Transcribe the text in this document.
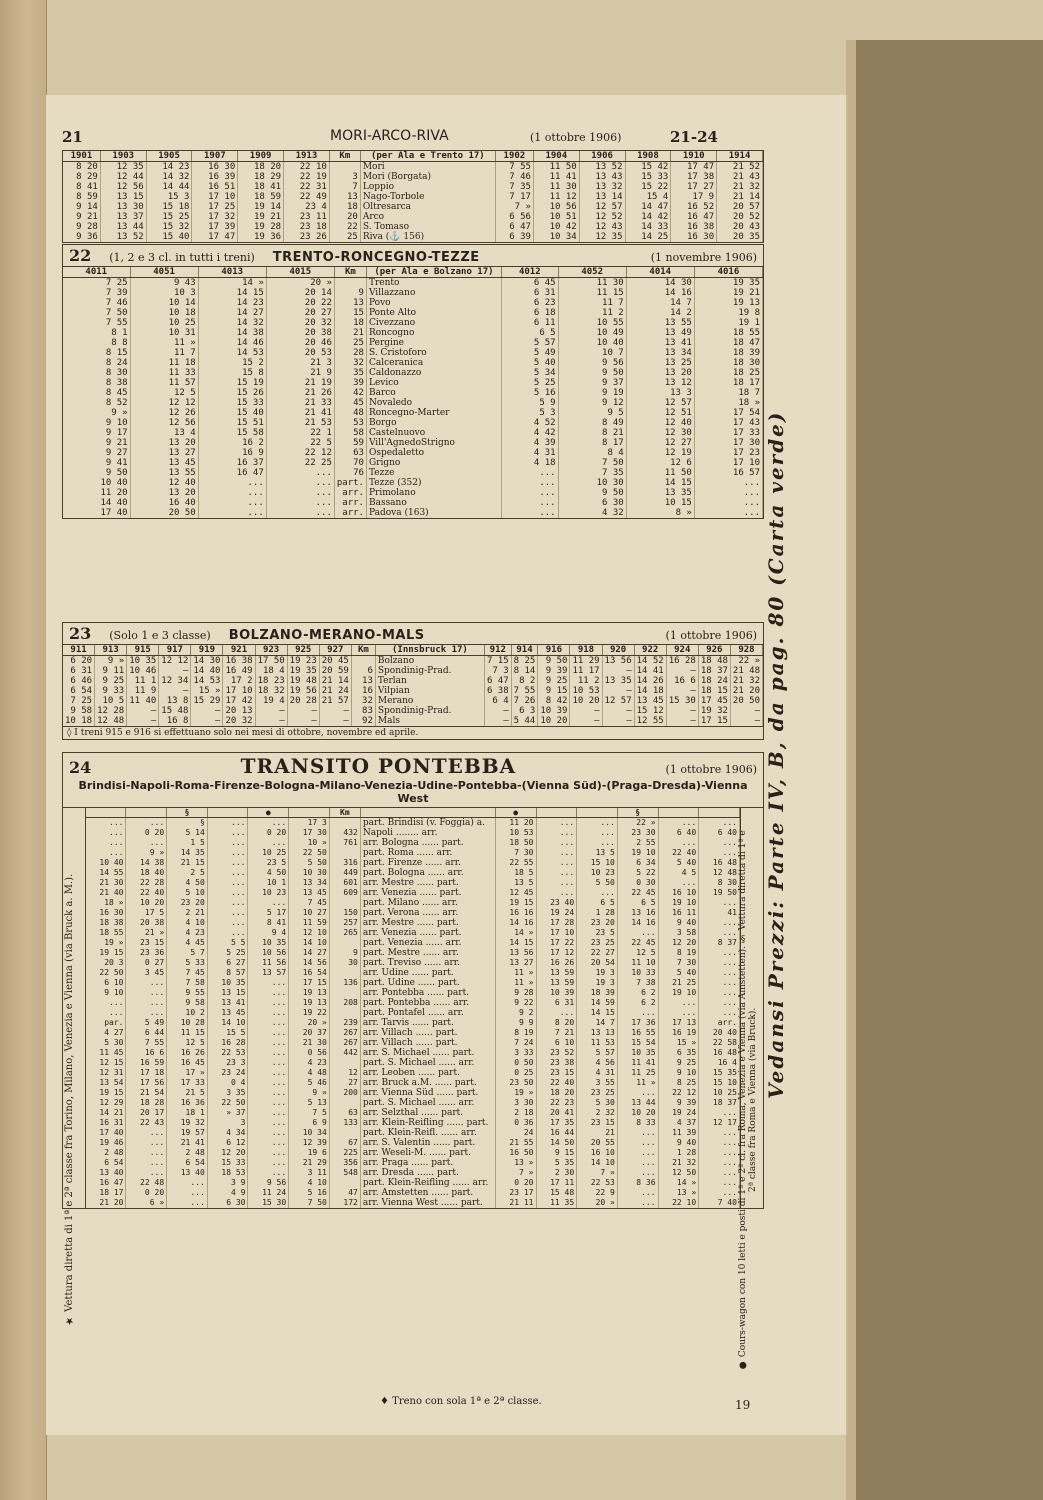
21	MORI-ARCO-RIVA	(1 ottobre 1906)	21-24
1901	1903	1905	1907	1909	1913	Km	(per Ala e Trento 17)	1902	1904	1906	1908	1910	1914
8 20	12 35	14 23	16 30	18 20	22 10		Mori	7 55	11 50	13 52	15 42	17 47	21 52
8 29	12 44	14 32	16 39	18 29	22 19	3	Mori (Borgata)	7 46	11 41	13 43	15 33	17 38	21 43
8 41	12 56	14 44	16 51	18 41	22 31	7	Loppio	7 35	11 30	13 32	15 22	17 27	21 32
8 59	13 15	15 3	17 10	18 59	22 49	13	Nago-Torbole	7 17	11 12	13 14	15 4	17 9	21 14
9 14	13 30	15 18	17 25	19 14	23 4	18	Oltresarca	7 »	10 56	12 57	14 47	16 52	20 57
9 21	13 37	15 25	17 32	19 21	23 11	20	Arco	6 56	10 51	12 52	14 42	16 47	20 52
9 28	13 44	15 32	17 39	19 28	23 18	22	S. Tomaso	6 47	10 42	12 43	14 33	16 38	20 43
9 36	13 52	15 40	17 47	19 36	23 26	25	Riva (⚓ 156)	6 39	10 34	12 35	14 25	16 30	20 35
22 (1, 2 e 3 cl. in tutti i treni) TRENTO-RONCEGNO-TEZZE	(1 novembre 1906)
4011	4051	4013	4015	Km	(per Ala e Bolzano 17)	4012	4052	4014	4016
7 25	9 43	14 »	20 »		Trento	6 45	11 30	14 30	19 35
7 39	10 3	14 15	20 14	9	Villazzano	6 31	11 15	14 16	19 21
7 46	10 14	14 23	20 22	13	Povo	6 23	11 7	14 7	19 13
7 50	10 18	14 27	20 27	15	Ponte Alto	6 18	11 2	14 2	19 8
7 55	10 25	14 32	20 32	18	Civezzano	6 11	10 55	13 55	19 1
8 1	10 31	14 38	20 38	21	Roncogno	6 5	10 49	13 49	18 55
8 8	11 »	14 46	20 46	25	Pergine	5 57	10 40	13 41	18 47
8 15	11 7	14 53	20 53	28	S. Cristoforo	5 49	10 7	13 34	18 39
8 24	11 18	15 2	21 3	32	Calceranica	5 40	9 56	13 25	18 30
8 30	11 33	15 8	21 9	35	Caldonazzo	5 34	9 50	13 20	18 25
8 38	11 57	15 19	21 19	39	Levico	5 25	9 37	13 12	18 17
8 45	12 5	15 26	21 26	42	Barco	5 16	9 19	13 3	18 7
8 52	12 12	15 33	21 33	45	Novaledo	5 9	9 12	12 57	18 »
9 »	12 26	15 40	21 41	48	Roncegno-Marter	5 3	9 5	12 51	17 54
9 10	12 56	15 51	21 53	53	Borgo	4 52	8 49	12 40	17 43
9 17	13 4	15 58	22 1	58	Castelnuovo	4 42	8 21	12 30	17 33
9 21	13 20	16 2	22 5	59	Vill'AgnedoStrigno	4 39	8 17	12 27	17 30
9 27	13 27	16 9	22 12	63	Ospedaletto	4 31	8 4	12 19	17 23
9 41	13 45	16 37	22 25	70	Grigno	4 18	7 50	12 6	17 10
9 50	13 55	16 47	...	76	Tezze	...	7 35	11 50	16 57
10 40	12 40	...	...	part.	Tezze (352)	...	10 30	14 15	...
11 20	13 20	...	...	arr.	Primolano	...	9 50	13 35	...
14 40	16 40	...	...	arr.	Bassano	...	6 30	10 15	...
17 40	20 50	...	...	arr.	Padova (163)	...	4 32	8 »	...
23 (Solo 1 e 3 classe) BOLZANO-MERANO-MALS	(1 ottobre 1906)
911	913	915	917	919	921	923	925	927	Km	(Innsbruck 17)	912	914	916	918	920	922	924	926	928
6 20	9 »	10 35	12 12	14 30	16 38	17 50	19 23	20 45		Bolzano	7 15	8 25	9 50	11 29	13 56	14 52	16 28	18 48	22 »
6 31	9 11	10 46	—	14 40	16 49	18 4	19 35	20 59	6	Spondinig-Prad.	7 3	8 14	9 39	11 17	—	14 41	—	18 37	21 48
6 46	9 25	11 1	12 34	14 53	17 2	18 23	19 48	21 14	13	Terlan	6 47	8 2	9 25	11 2	13 35	14 26	16 6	18 24	21 32
6 54	9 33	11 9	—	15 »	17 10	18 32	19 56	21 24	16	Vilpian	6 38	7 55	9 15	10 53	—	14 18	—	18 15	21 20
7 25	10 5	11 40	13 8	15 29	17 42	19 4	20 28	21 57	32	Merano	6 4	7 26	8 42	10 20	12 57	13 45	15 30	17 45	20 50
9 58	12 28	—	15 48	—	20 13	—	—	—	83	Spondinig-Prad.	—	6 3	10 39	—	—	15 12	—	19 32	—
10 18	12 48	—	16 8	—	20 32	—	—	—	92	Mals	—	5 44	10 20	—	—	12 55	—	17 15	—
◊ I treni 915 e 916 si effettuano solo nei mesi di ottobre, novembre ed aprile.
24	TRANSITO PONTEBBA	(1 ottobre 1906)
Brindisi-Napoli-Roma-Firenze-Bologna-Milano-Venezia-Udine-Pontebba-(Vienna Süd)-(Praga-Dresda)-Vienna West
		§		●		Km		●			§		
...	...	§	...	...	17 3		part. Brindisi (v. Foggia) a.	11 20	...	...	22 »	...	...
...	0 20	5 14	...	0 20	17 30	432	Napoli ........ arr.	10 53	...	...	23 30	6 40	6 40
...	...	1 5	...	...	10 »	761	arr. Bologna ...... part.	18 50	...	...	2 55	...	...
...	9 »	14 35	...	10 25	22 50		part. Roma ...... arr.	7 30	...	13 5	19 10	22 40	...
10 40	14 38	21 15	...	23 5	5 50	316	part. Firenze ...... arr.	22 55	...	15 10	6 34	5 40	16 48
14 55	18 40	2 5	...	4 50	10 30	449	part. Bologna ...... arr.	18 5	...	10 23	5 22	4 5	12 48
21 30	22 28	4 50	...	10 1	13 34	601	arr. Mestre ...... part.	13 5	...	5 50	0 30	...	8 30
21 40	22 40	5 10	...	10 23	13 45	609	arr. Venezia ...... part.	12 45	...	...	22 45	16 10	19 50
18 »	10 20	23 20	...	...	7 45		part. Milano ...... arr.	19 15	23 40	6 5	6 5	19 10	...
16 30	17 5	2 21	...	5 17	10 27	150	part. Verona ...... arr.	16 16	19 24	1 28	13 16	16 11	41
18 38	20 38	4 10	...	8 41	11 59	257	arr. Mestre ...... part.	14 16	17 28	23 20	14 16	9 40	...
18 55	21 »	4 23	...	9 4	12 10	265	arr. Venezia ...... part.	14 »	17 10	23 5	...	3 58	...
19 »	23 15	4 45	5 5	10 35	14 10		part. Venezia ...... arr.	14 15	17 22	23 25	22 45	12 20	8 37
19 15	23 36	5 7	5 25	10 56	14 27	9	part. Mestre ...... arr.	13 56	17 12	22 27	12 5	8 19	...
20 3	0 27	5 33	6 27	11 56	14 56	30	part. Treviso ...... arr.	13 27	16 26	20 54	11 10	7 30	...
22 50	3 45	7 45	8 57	13 57	16 54		arr. Udine ...... part.	11 »	13 59	19 3	10 33	5 40	...
6 10	...	7 58	10 35	...	17 15	136	part. Udine ...... part.	11 »	13 59	19 3	7 38	21 25	...
9 10	...	9 55	13 15	...	19 13		arr. Pontebba ...... part.	9 28	10 39	18 39	6 2	19 10	...
...	...	9 58	13 41	...	19 13	208	part. Pontebba ...... arr.	9 22	6 31	14 59	6 2	...	...
...	...	10 2	13 45	...	19 22		part. Pontafel ...... arr.	9 2	...	14 15	...	...	...
par.	5 49	10 28	14 10	...	20 »	239	arr. Tarvis ...... part.	9 9	8 20	14 7	17 36	17 13	arr.
4 27	6 44	11 15	15 5	...	20 37	267	arr. Villach ...... part.	8 19	7 21	13 13	16 55	16 19	20 40
5 30	7 55	12 5	16 28	...	21 30	267	arr. Villach ...... part.	7 24	6 10	11 53	15 54	15 »	22 58
11 45	16 6	16 26	22 53	...	0 56	442	arr. S. Michael ...... part.	3 33	23 52	5 57	10 35	6 35	16 48
12 15	16 59	16 45	23 3	...	4 23		part. S. Michael ...... arr.	0 50	23 38	4 56	11 41	9 25	16 4
12 31	17 18	17 »	23 24	...	4 48	12	arr. Leoben ...... part.	0 25	23 15	4 31	11 25	9 10	15 35
13 54	17 56	17 33	0 4	...	5 46	27	arr. Bruck a.M. ...... part.	23 50	22 40	3 55	11 »	8 25	15 10
19 15	21 54	21 5	3 35	...	9 »	200	arr. Vienna Süd ...... part.	19 »	18 20	23 25	...	22 12	10 25
12 29	18 28	16 36	22 50	...	5 13		part. S. Michael ...... arr.	3 30	22 23	5 30	13 44	9 39	18 37
14 21	20 17	18 1	» 37	...	7 5	63	arr. Selzthal ...... part.	2 18	20 41	2 32	10 20	19 24	...
16 31	22 43	19 32	3	...	6 9	133	arr. Klein-Reifling ...... part.	0 36	17 35	23 15	8 33	4 37	12 17
17 40	...	19 57	4 34	...	10 34		part. Klein-Reifl. ...... arr.	24	16 44	21	...	11 39	...
19 46	...	21 41	6 12	...	12 39	67	arr. S. Valentin ...... part.	21 55	14 50	20 55	...	9 40	...
2 48	...	2 48	12 20	...	19 6	225	arr. Weseli-M. ...... part.	16 50	9 15	16 10	...	1 28	...
6 54	...	6 54	15 33	...	21 29	356	arr. Praga ...... part.	13 »	5 35	14 10	...	21 32	...
13 40	...	13 40	18 53	...	3 11	548	arr. Dresda ...... part.	7 »	2 30	7 »	...	12 50	...
16 47	22 48	...	3 9	9 56	4 10		part. Klein-Reifling ...... arr.	0 20	17 11	22 53	8 36	14 »	...
18 17	0 20	...	4 9	11 24	5 16	47	arr. Amstetten ...... part.	23 17	15 48	22 9	...	13 »	...
21 20	6 »	...	6 30	15 30	7 50	172	arr. Vienna West ...... part.	21 11	11 35	20 »	...	22 10	7 40
★ Vettura diretta di 1ª e 2ª classe fra Torino, Milano, Venezia e Vienna (via Bruck a. M.).	● Cours-wagon con 10 letti e posti di 1ª e 2ª cl. fra Roma, Venezia e Vienna (via Amstetten). § Vettura diretta di 1ª e 2ª classe fra Roma e Vienna (via Bruck).
Vedansi Prezzi: Parte IV, B, da pag. 80 (Carta verde)
♦ Treno con sola 1ª e 2ª classe.	19
